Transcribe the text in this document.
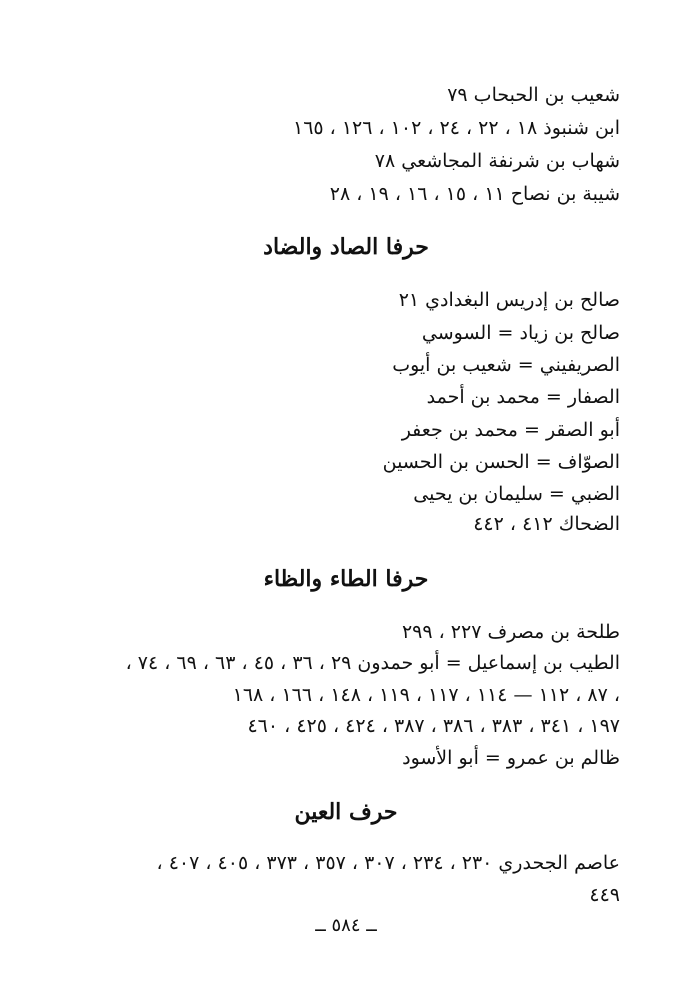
شعيب بن الحبحاب ٧٩
ابن شنبوذ ١٨ ، ٢٢ ، ٢٤ ، ١٠٢ ، ١٢٦ ، ١٦٥
شهاب بن شرنفة المجاشعي ٧٨
شيبة بن نصاح ١١ ، ١٥ ، ١٦ ، ١٩ ، ٢٨
حرفا الصاد والضاد
صالح بن إدريس البغدادي ٢١
صالح بن زياد = السوسي
الصريفيني = شعيب بن أيوب
الصفار = محمد بن أحمد
أبو الصقر = محمد بن جعفر
الصوّاف = الحسن بن الحسين
الضبي = سليمان بن يحيى
الضحاك ٤١٢ ، ٤٤٢
حرفا الطاء والظاء
طلحة بن مصرف ٢٢٧ ، ٢٩٩
الطيب بن إسماعيل = أبو حمدون ٢٩ ، ٣٦ ، ٤٥ ، ٦٣ ، ٦٩ ، ٧٤ ،
٨٧ ، ١١٢ — ١١٤ ، ١١٧ ، ١١٩ ، ١٤٨ ، ١٦٦ ، ١٦٨ ،
١٩٧ ، ٣٤١ ، ٣٨٣ ، ٣٨٦ ، ٣٨٧ ، ٤٢٤ ، ٤٢٥ ، ٤٦٠
ظالم بن عمرو = أبو الأسود
حرف العين
عاصم الجحدري ٢٣٠ ، ٢٣٤ ، ٣٠٧ ، ٣٥٧ ، ٣٧٣ ، ٤٠٥ ، ٤٠٧ ،
٤٤٩
ــ ٥٨٤ ــ
